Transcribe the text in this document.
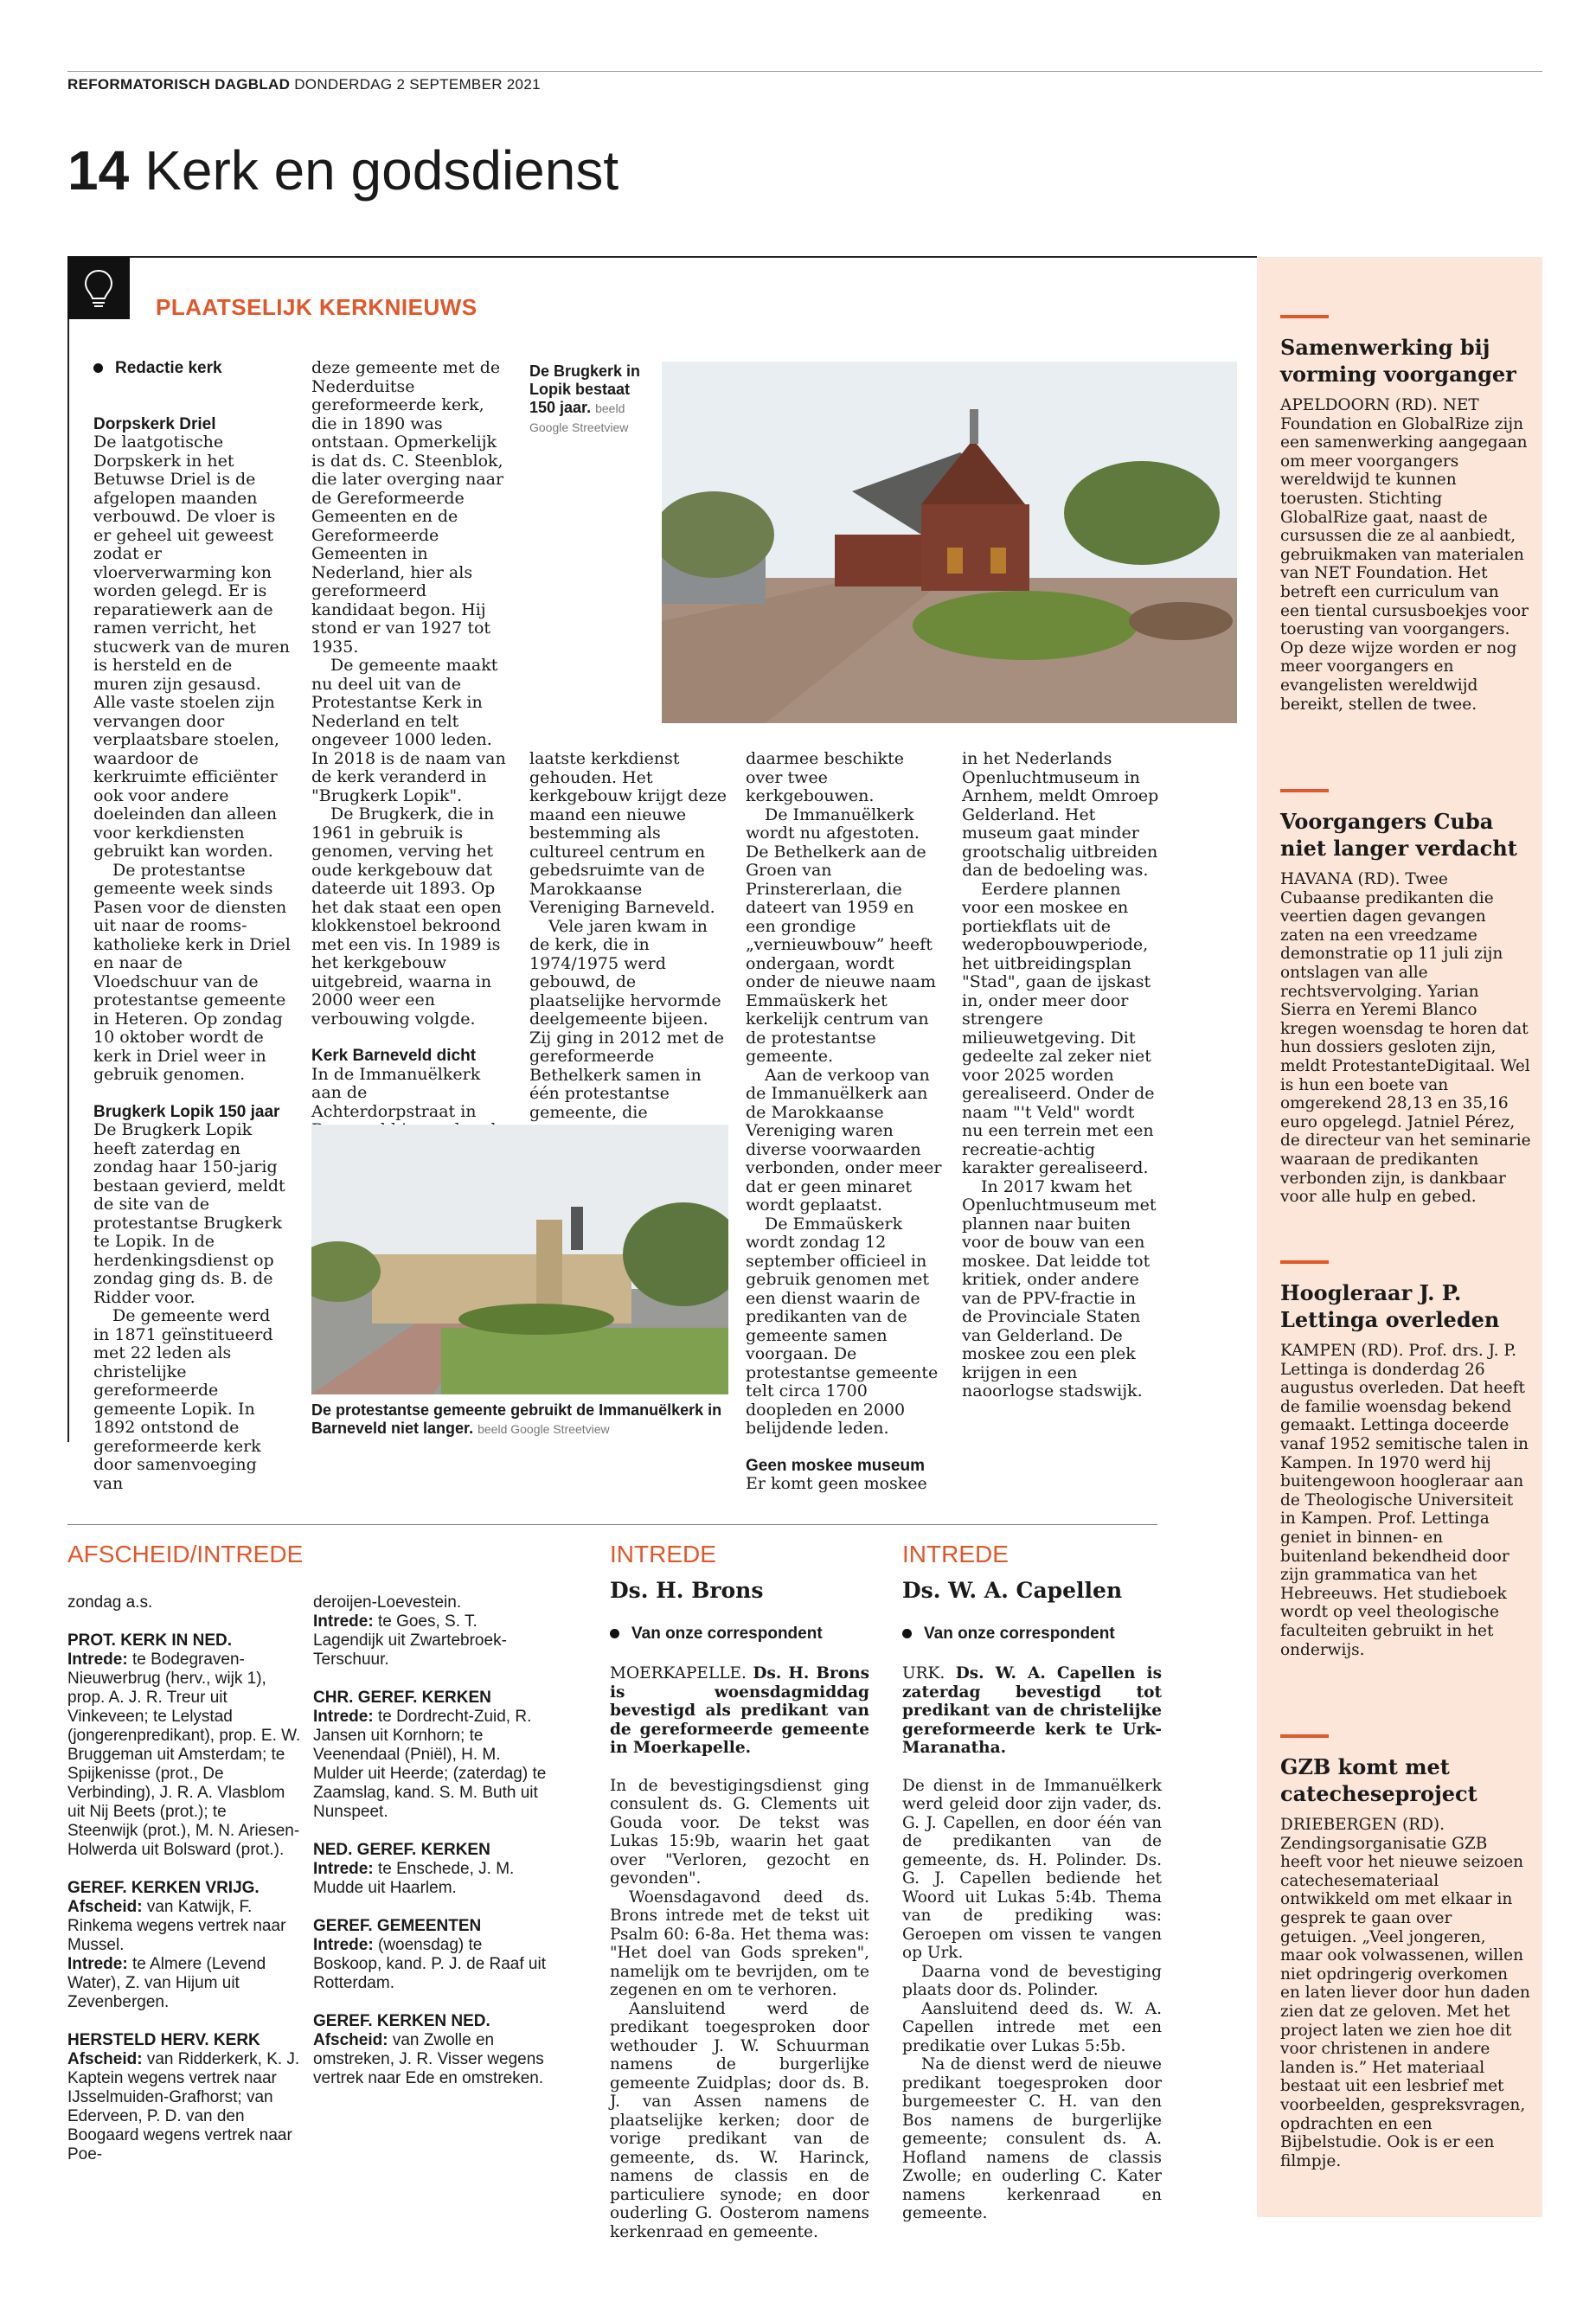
REFORMATORISCH DAGBLAD DONDERDAG 2 SEPTEMBER 2021
14 Kerk en godsdienst
PLAATSELIJK KERKNIEUWS
Redactie kerk
Dorpskerk Driel

De laatgotische Dorpskerk in het Betuwse Driel is de afgelopen maanden verbouwd. De vloer is er geheel uit geweest zodat er vloerverwarming kon worden gelegd. Er is reparatiewerk aan de ramen verricht, het stucwerk van de muren is hersteld en de muren zijn gesausd. Alle vaste stoelen zijn vervangen door verplaatsbare stoelen, waardoor de kerkruimte efficiënter ook voor andere doeleinden dan alleen voor kerkdiensten gebruikt kan worden.

De protestantse gemeente week sinds Pasen voor de diensten uit naar de rooms-katholieke kerk in Driel en naar de Vloedschuur van de protestantse gemeente in Heteren. Op zondag 10 oktober wordt de kerk in Driel weer in gebruik genomen.

Brugkerk Lopik 150 jaar

De Brugkerk Lopik heeft zaterdag en zondag haar 150-jarig bestaan gevierd, meldt de site van de protestantse Brugkerk te Lopik. In de herdenkingsdienst op zondag ging ds. B. de Ridder voor.

De gemeente werd in 1871 geïnstitueerd met 22 leden als christelijke gereformeerde gemeente Lopik. In 1892 ontstond de gereformeerde kerk door samenvoeging van

deze gemeente met de Nederduitse gereformeerde kerk, die in 1890 was ontstaan. Opmerkelijk is dat ds. C. Steenblok, die later overging naar de Gereformeerde Gemeenten en de Gereformeerde Gemeenten in Nederland, hier als gereformeerd kandidaat begon. Hij stond er van 1927 tot 1935.

De gemeente maakt nu deel uit van de Protestantse Kerk in Nederland en telt ongeveer 1000 leden. In 2018 is de naam van de kerk veranderd in "Brugkerk Lopik".

De Brugkerk, die in 1961 in gebruik is genomen, verving het oude kerkgebouw dat dateerde uit 1893. Op het dak staat een open klokkenstoel bekroond met een vis. In 1989 is het kerkgebouw uitgebreid, waarna in 2000 weer een verbouwing volgde.

Kerk Barneveld dicht

In de Immanuëlkerk aan de Achterdorpstraat in

De Brugkerk in Lopik bestaat 150 jaar. beeld Google Streetview

laatste kerkdienst gehouden. Het kerkgebouw krijgt deze maand een nieuwe bestemming als cultureel centrum en gebedsruimte van de Marokkaanse Vereniging Barneveld.

Vele jaren kwam in de kerk, die in 1974/1975 werd gebouwd, de plaatselijke hervormde deelgemeente bijeen. Zij ging in 2012 met de gereformeerde Bethelkerk samen in één protestantse gemeente, die

daarmee beschikte over twee kerkgebouwen.

De Immanuëlkerk wordt nu afgestoten. De Bethelkerk aan de Groen van Prinstererlaan, die dateert van 1959 en een grondige „vernieuwbouw” heeft ondergaan, wordt onder de nieuwe naam Emmaüskerk het kerkelijk centrum van de protestantse gemeente.

Aan de verkoop van de Immanuëlkerk aan de Marokkaanse Vereniging waren diverse voorwaarden verbonden, onder meer dat er geen minaret wordt geplaatst.

De Emmaüskerk wordt zondag 12 september officieel in gebruik genomen met een dienst waarin de predikanten van de gemeente samen voorgaan. De protestantse gemeente telt circa 1700 doopleden en 2000 belijdende leden.

Geen moskee museum

Er komt geen moskee

in het Nederlands Openluchtmuseum in Arnhem, meldt Omroep Gelderland. Het museum gaat minder grootschalig uitbreiden dan de bedoeling was.

Eerdere plannen voor een moskee en portiekflats uit de wederopbouwperiode, het uitbreidingsplan "Stad", gaan de ijskast in, onder meer door strengere milieuwetgeving. Dit gedeelte zal zeker niet voor 2025 worden gerealiseerd. Onder de naam "'t Veld" wordt nu een terrein met een recreatie-achtig karakter gerealiseerd.

In 2017 kwam het Openluchtmuseum met plannen naar buiten voor de bouw van een moskee. Dat leidde tot kritiek, onder andere van de PPV-fractie in de Provinciale Staten van Gelderland. De moskee zou een plek krijgen in een naoorlogse stadswijk.

De protestantse gemeente gebruikt de Immanuëlkerk in Barneveld niet langer. beeld Google Streetview
Samenwerking bij vorming voorganger
APELDOORN (RD). NET Foundation en GlobalRize zijn een samenwerking aangegaan om meer voorgangers wereldwijd te kunnen toerusten. Stichting GlobalRize gaat, naast de cursussen die ze al aanbiedt, gebruikmaken van materialen van NET Foundation. Het betreft een curriculum van een tiental cursusboekjes voor toerusting van voorgangers. Op deze wijze worden er nog meer voorgangers en evangelisten wereldwijd bereikt, stellen de twee.
Voorgangers Cuba niet langer verdacht
HAVANA (RD). Twee Cubaanse predikanten die veertien dagen gevangen zaten na een vreedzame demonstratie op 11 juli zijn ontslagen van alle rechtsvervolging. Yarian Sierra en Yeremi Blanco kregen woensdag te horen dat hun dossiers gesloten zijn, meldt ProtestanteDigitaal. Wel is hun een boete van omgerekend 28,13 en 35,16 euro opgelegd. Jatniel Pérez, de directeur van het seminarie waaraan de predikanten verbonden zijn, is dankbaar voor alle hulp en gebed.
Hoogleraar J. P. Lettinga overleden
KAMPEN (RD). Prof. drs. J. P. Lettinga is donderdag 26 augustus overleden. Dat heeft de familie woensdag bekend gemaakt. Lettinga doceerde vanaf 1952 semitische talen in Kampen. In 1970 werd hij buitengewoon hoogleraar aan de Theologische Universiteit in Kampen. Prof. Lettinga geniet in binnen- en buitenland bekendheid door zijn grammatica van het Hebreeuws. Het studieboek wordt op veel theologische faculteiten gebruikt in het onderwijs.
GZB komt met catecheseproject
DRIEBERGEN (RD). Zendingsorganisatie GZB heeft voor het nieuwe seizoen catechesemateriaal ontwikkeld om met elkaar in gesprek te gaan over getuigen. „Veel jongeren, maar ook volwassenen, willen niet opdringerig overkomen en laten liever door hun daden zien dat ze geloven. Met het project laten we zien hoe dit voor christenen in andere landen is.” Het materiaal bestaat uit een lesbrief met voorbeelden, gespreksvragen, opdrachten en een Bijbelstudie. Ook is er een filmpje.
AFSCHEID/INTREDE

zondag a.s.

PROT. KERK IN NED.

Intrede: te Bodegraven-Nieuwerbrug (herv., wijk 1), prop. A. J. R. Treur uit Vinkeveen; te Lelystad (jongerenpredikant), prop. E. W. Bruggeman uit Amsterdam; te Spijkenisse (prot., De Verbinding), J. R. A. Vlasblom uit Nij Beets (prot.); te Steenwijk (prot.), M. N. Ariesen-Holwerda uit Bolsward (prot.).

GEREF. KERKEN VRIJG.

Afscheid: van Katwijk, F. Rinkema wegens vertrek naar Mussel.

Intrede: te Almere (Levend Water), Z. van Hijum uit Zevenbergen.

HERSTELD HERV. KERK

Afscheid: van Ridderkerk, K. J. Kaptein wegens vertrek naar IJsselmuiden-Grafhorst; van Ederveen, P. D. van den Boogaard wegens vertrek naar Poe-

deroijen-Loevestein.

Intrede: te Goes, S. T. Lagendijk uit Zwartebroek-Terschuur.

CHR. GEREF. KERKEN

Intrede: te Dordrecht-Zuid, R. Jansen uit Kornhorn; te Veenendaal (Pniël), H. M. Mulder uit Heerde; (zaterdag) te Zaamslag, kand. S. M. Buth uit Nunspeet.

NED. GEREF. KERKEN

Intrede: te Enschede, J. M. Mudde uit Haarlem.

GEREF. GEMEENTEN

Intrede: (woensdag) te Boskoop, kand. P. J. de Raaf uit Rotterdam.

GEREF. KERKEN NED.

Afscheid: van Zwolle en omstreken, J. R. Visser wegens vertrek naar Ede en omstreken.

INTREDE
Ds. H. Brons
Van onze correspondent

MOERKAPELLE. Ds. H. Brons is woensdagmiddag bevestigd als predikant van de gereformeerde gemeente in Moerkapelle.

In de bevestigingsdienst ging consulent ds. G. Clements uit Gouda voor. De tekst was Lukas 15:9b, waarin het gaat over "Verloren, gezocht en gevonden".

Woensdagavond deed ds. Brons intrede met de tekst uit Psalm 60: 6-8a. Het thema was: "Het doel van Gods spreken", namelijk om te bevrijden, om te zegenen en om te verhoren.

Aansluitend werd de predikant toegesproken door wethouder J. W. Schuurman namens de burgerlijke gemeente Zuidplas; door ds. B. J. van Assen namens de plaatselijke kerken; door de vorige predikant van de gemeente, ds. W. Harinck, namens de classis en de particuliere synode; en door ouderling G. Oosterom namens kerkenraad en gemeente.

INTREDE
Ds. W. A. Capellen
Van onze correspondent

URK. Ds. W. A. Capellen is zaterdag bevestigd tot predikant van de christelijke gereformeerde kerk te Urk-Maranatha.

De dienst in de Immanuëlkerk werd geleid door zijn vader, ds. G. J. Capellen, en door één van de predikanten van de gemeente, ds. H. Polinder. Ds. G. J. Capellen bediende het Woord uit Lukas 5:4b. Thema van de prediking was: Geroepen om vissen te vangen op Urk.

Daarna vond de bevestiging plaats door ds. Polinder.

Aansluitend deed ds. W. A. Capellen intrede met een predikatie over Lukas 5:5b.

Na de dienst werd de nieuwe predikant toegesproken door burgemeester C. H. van den Bos namens de burgerlijke gemeente; consulent ds. A. Hofland namens de classis Zwolle; en ouderling C. Kater namens kerkenraad en gemeente.
